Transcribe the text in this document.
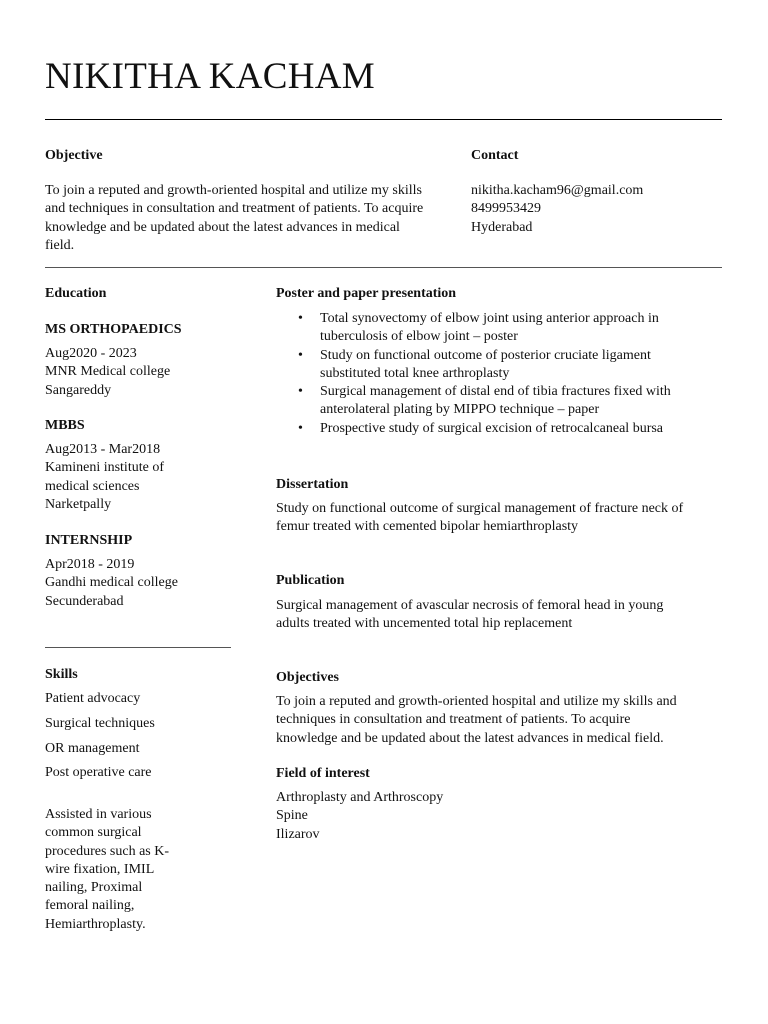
NIKITHA KACHAM
Objective
To join a reputed and growth-oriented hospital and utilize my skills
and techniques in consultation and treatment of patients. To acquire
knowledge and be updated about the latest advances in medical
field.
Contact
nikitha.kacham96@gmail.com
8499953429
Hyderabad
Education
MS ORTHOPAEDICS
Aug2020 - 2023
MNR Medical college
Sangareddy
MBBS
Aug2013 - Mar2018
Kamineni institute of
medical sciences
Narketpally
INTERNSHIP
Apr2018 - 2019
Gandhi medical college
Secunderabad
Skills
Patient advocacy
Surgical techniques
OR management
Post operative care
Assisted in various
common surgical
procedures such as K-
wire fixation, IMIL
nailing, Proximal
femoral nailing,
Hemiarthroplasty.
Poster and paper presentation
• Total synovectomy of elbow joint using anterior approach in
tuberculosis of elbow joint – poster
• Study on functional outcome of posterior cruciate ligament
substituted total knee arthroplasty
• Surgical management of distal end of tibia fractures fixed with
anterolateral plating by MIPPO technique – paper
• Prospective study of surgical excision of retrocalcaneal bursa
Dissertation
Study on functional outcome of surgical management of fracture neck of
femur treated with cemented bipolar hemiarthroplasty
Publication
Surgical management of avascular necrosis of femoral head in young
adults treated with uncemented total hip replacement
Objectives
To join a reputed and growth-oriented hospital and utilize my skills and
techniques in consultation and treatment of patients. To acquire
knowledge and be updated about the latest advances in medical field.
Field of interest
Arthroplasty and Arthroscopy
Spine
Ilizarov
